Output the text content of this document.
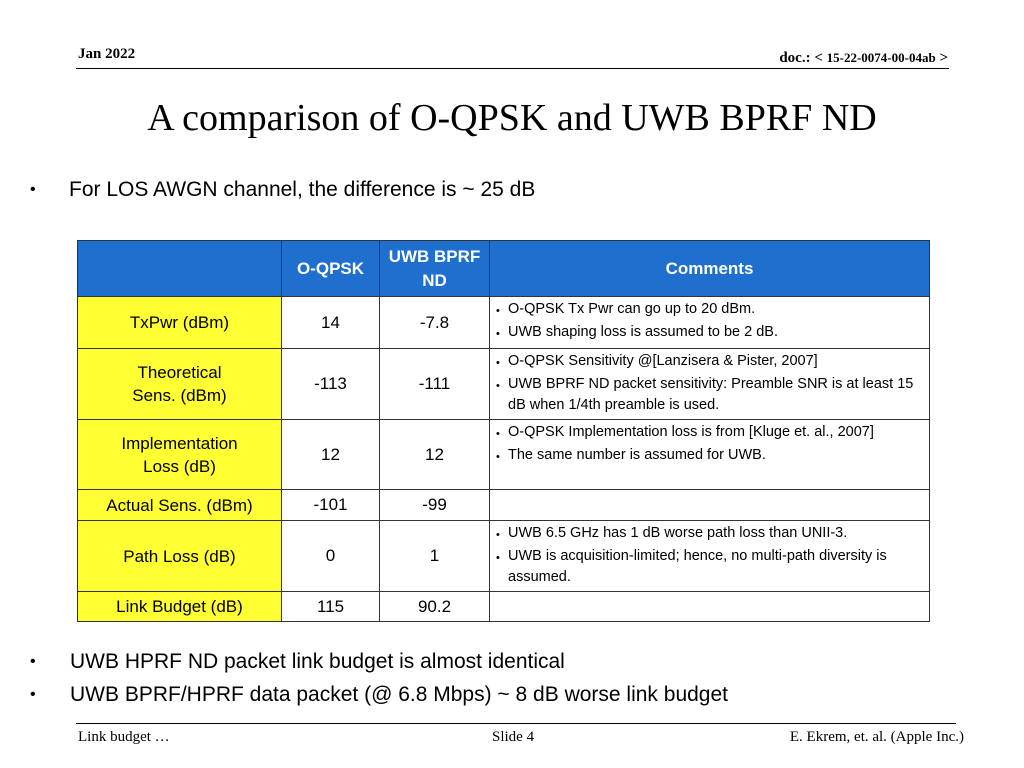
Jan 2022	doc.: < 15-22-0074-00-04ab >
A comparison of O-QPSK and UWB BPRF ND
•	For LOS AWGN channel, the difference is ~ 25 dB
	O-QPSK	UWB BPRF ND	Comments
TxPwr (dBm)	14	-7.8	• O-QPSK Tx Pwr can go up to 20 dBm.
• UWB shaping loss is assumed to be 2 dB.

Theoretical Sens. (dBm)	-113	-111	• O-QPSK Sensitivity @[Lanzisera & Pister, 2007]
• UWB BPRF ND packet sensitivity: Preamble SNR is at least 15 dB when 1/4th preamble is used.

Implementation Loss (dB)	12	12	• O-QPSK Implementation loss is from [Kluge et. al., 2007]
• The same number is assumed for UWB.

Actual Sens. (dBm)	-101	-99	
Path Loss (dB)	0	1	• UWB 6.5 GHz has 1 dB worse path loss than UNII-3.
• UWB is acquisition-limited; hence, no multi-path diversity is assumed.

Link Budget (dB)	115	90.2	
•	UWB HPRF ND packet link budget is almost identical
•	UWB BPRF/HPRF data packet (@ 6.8 Mbps) ~ 8 dB worse link budget
Link budget …	Slide 4	E. Ekrem, et. al. (Apple Inc.)
